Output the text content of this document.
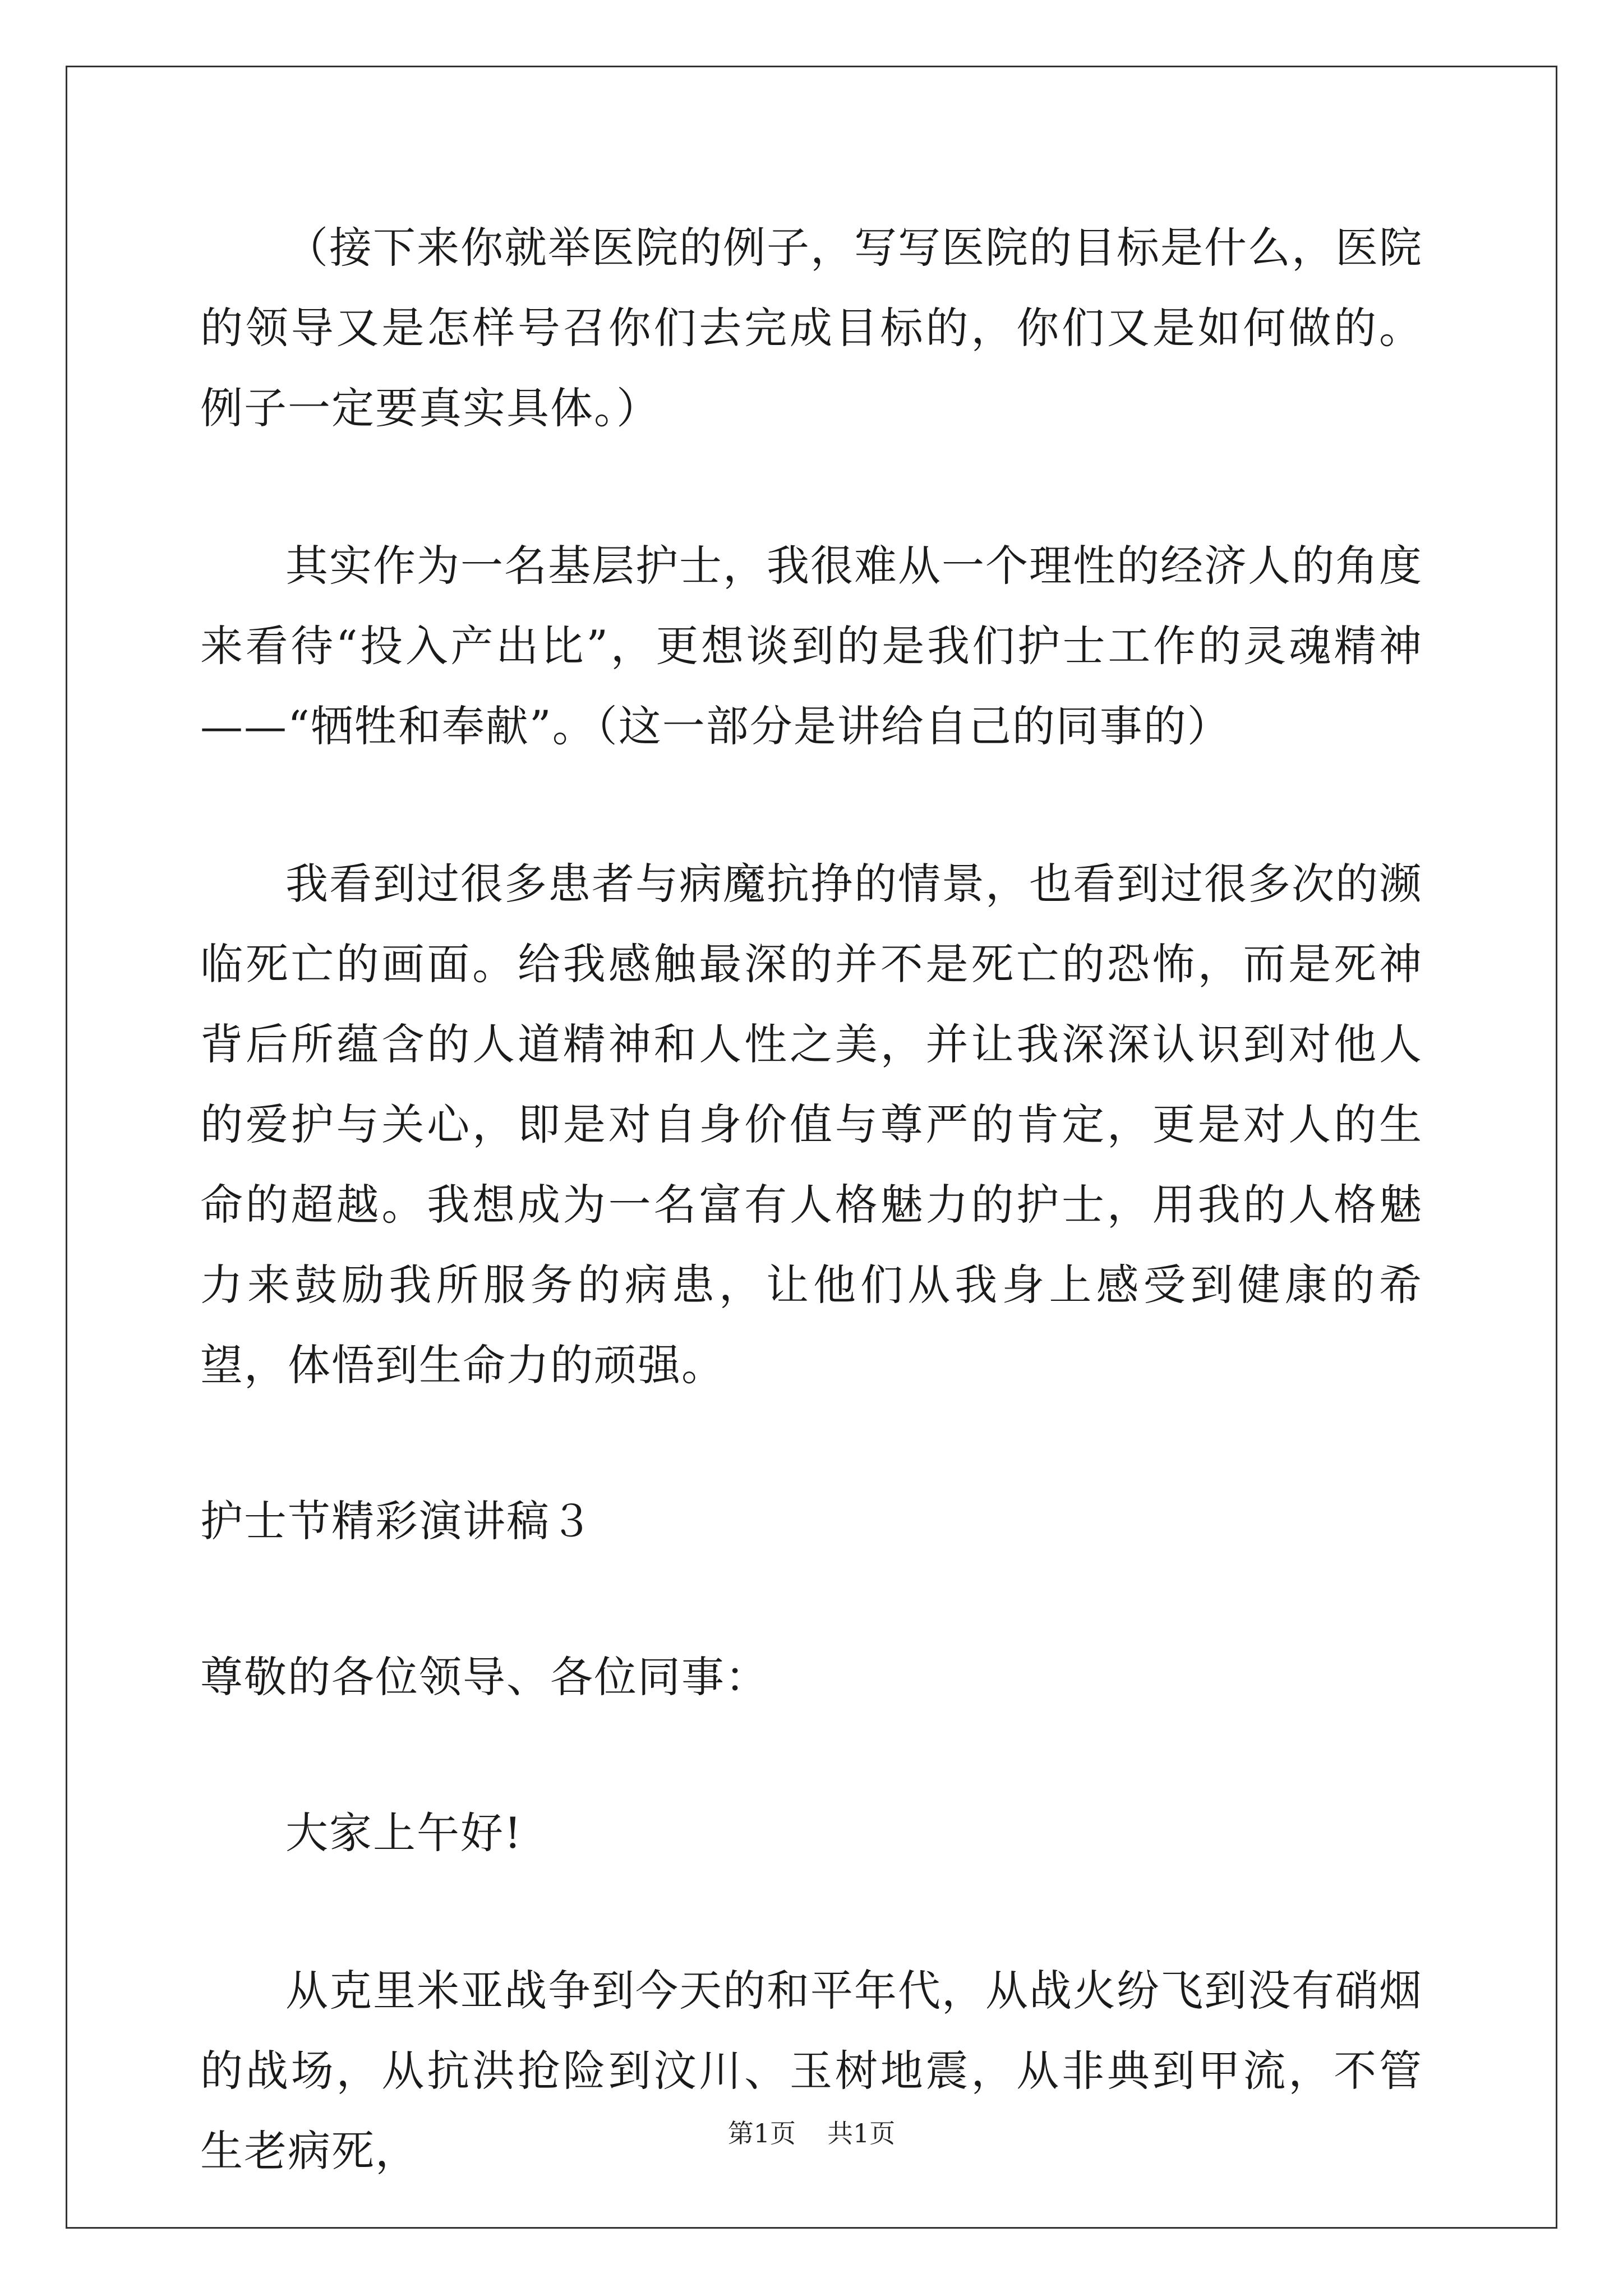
（接下来你就举医院的例子，写写医院的目标是什么，医院的领导又是怎样号召你们去完成目标的，你们又是如何做的。例子一定要真实具体。）

其实作为一名基层护士，我很难从一个理性的经济人的角度来看待“投入产出比”，更想谈到的是我们护士工作的灵魂精神——“牺牲和奉献”。（这一部分是讲给自己的同事的）

我看到过很多患者与病魔抗挣的情景，也看到过很多次的濒临死亡的画面。给我感触最深的并不是死亡的恐怖，而是死神背后所蕴含的人道精神和人性之美，并让我深深认识到对他人的爱护与关心，即是对自身价值与尊严的肯定，更是对人的生命的超越。我想成为一名富有人格魅力的护士，用我的人格魅力来鼓励我所服务的病患，让他们从我身上感受到健康的希望，体悟到生命力的顽强。

护士节精彩演讲稿３

尊敬的各位领导、各位同事：

大家上午好!

从克里米亚战争到今天的和平年代，从战火纷飞到没有硝烟的战场，从抗洪抢险到汶川、玉树地震，从非典到甲流，不管生老病死，	第1页 共1页
